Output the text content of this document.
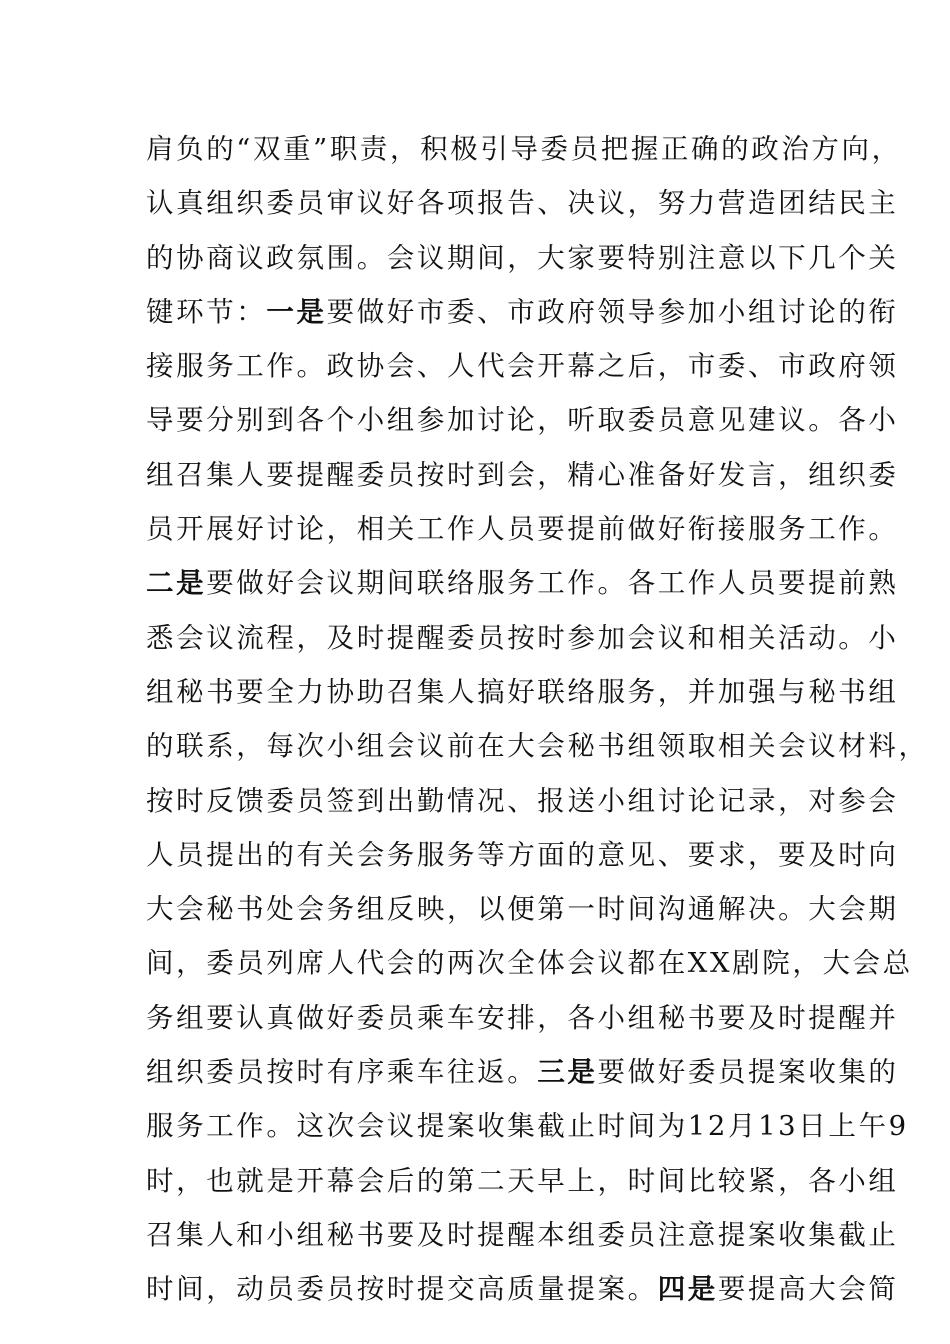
肩负的“双重”职责，积极引导委员把握正确的政治方向，
认真组织委员审议好各项报告、决议，努力营造团结民主
的协商议政氛围。会议期间，大家要特别注意以下几个关
键环节：一是要做好市委、市政府领导参加小组讨论的衔
接服务工作。政协会、人代会开幕之后，市委、市政府领
导要分别到各个小组参加讨论，听取委员意见建议。各小
组召集人要提醒委员按时到会，精心准备好发言，组织委
员开展好讨论，相关工作人员要提前做好衔接服务工作。
二是要做好会议期间联络服务工作。各工作人员要提前熟
悉会议流程，及时提醒委员按时参加会议和相关活动。小
组秘书要全力协助召集人搞好联络服务，并加强与秘书组
的联系，每次小组会议前在大会秘书组领取相关会议材料，
按时反馈委员签到出勤情况、报送小组讨论记录，对参会
人员提出的有关会务服务等方面的意见、要求，要及时向
大会秘书处会务组反映，以便第一时间沟通解决。大会期
间，委员列席人代会的两次全体会议都在XX剧院，大会总
务组要认真做好委员乘车安排，各小组秘书要及时提醒并
组织委员按时有序乘车往返。三是要做好委员提案收集的
服务工作。这次会议提案收集截止时间为12月13日上午9
时，也就是开幕会后的第二天早上，时间比较紧，各小组
召集人和小组秘书要及时提醒本组委员注意提案收集截止
时间，动员委员按时提交高质量提案。四是要提高大会简
